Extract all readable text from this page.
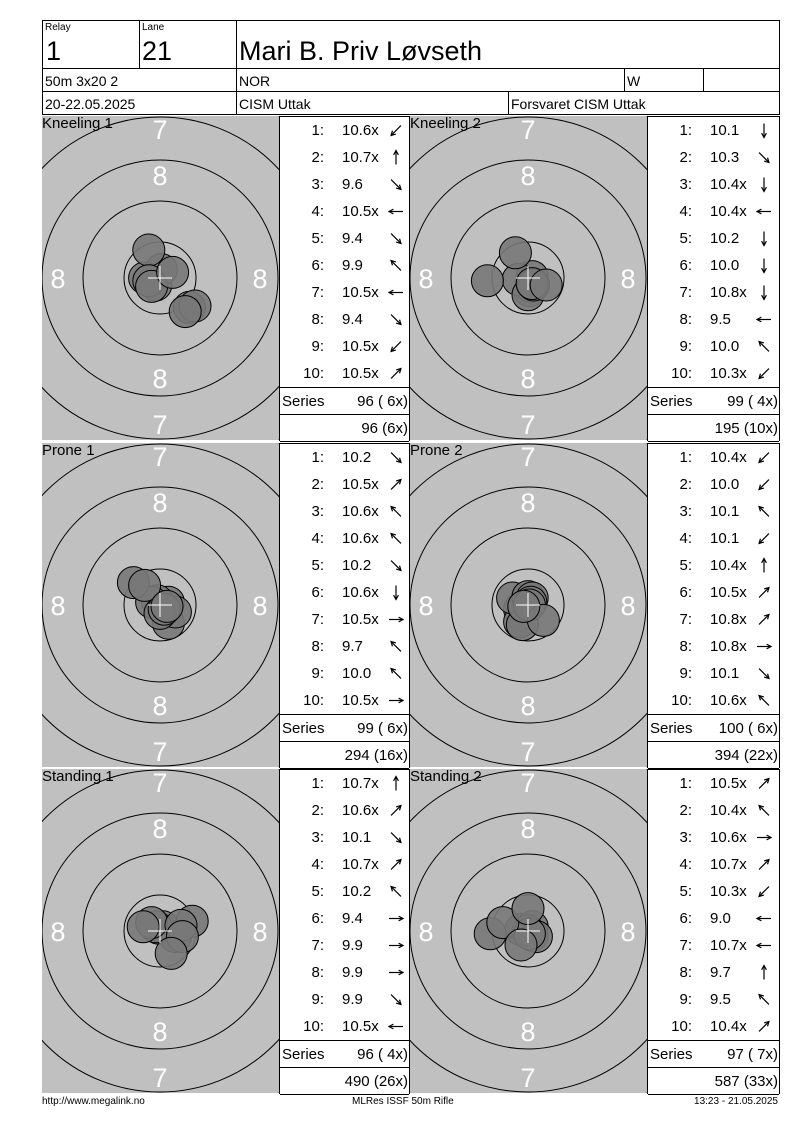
Relay
1
Lane
21 Mari B. Priv Løvseth
50m 3x20 2	NOR	W
20-22.05.2025	CISM Uttak	Forsvaret CISM Uttak
7
8
8	8
8
7
Kneeling 1	1: 10.6x
2: 10.7x
3: 9.6
4: 10.5x
5: 9.4
6: 9.9
7: 10.5x
8: 9.4
9: 10.5x
10: 10.5x
Series 96 ( 6x)
96 (6x)
7
8
8	8
8
7
Kneeling 2	1: 10.1
2: 10.3
3: 10.4x
4: 10.4x
5: 10.2
6: 10.0
7: 10.8x
8: 9.5
9: 10.0
10: 10.3x
Series 99 ( 4x)
195 (10x)
7
8
8	8
8
7
Prone 1	1: 10.2
2: 10.5x
3: 10.6x
4: 10.6x
5: 10.2
6: 10.6x
7: 10.5x
8: 9.7
9: 10.0
10: 10.5x
Series 99 ( 6x)
294 (16x)
7
8
8	8
8
7
Prone 2	1: 10.4x
2: 10.0
3: 10.1
4: 10.1
5: 10.4x
6: 10.5x
7: 10.8x
8: 10.8x
9: 10.1
10: 10.6x
Series 100 ( 6x)
394 (22x)
7
8
8	8
8
7
Standing 1	1: 10.7x
2: 10.6x
3: 10.1
4: 10.7x
5: 10.2
6: 9.4
7: 9.9
8: 9.9
9: 9.9
10: 10.5x
Series 96 ( 4x)
490 (26x)
7
8
8	8
8
7
Standing 2	1: 10.5x
2: 10.4x
3: 10.6x
4: 10.7x
5: 10.3x
6: 9.0
7: 10.7x
8: 9.7
9: 9.5
10: 10.4x
Series 97 ( 7x)
587 (33x)
http://www.megalink.no	MLRes ISSF 50m Rifle	13:23 - 21.05.2025
